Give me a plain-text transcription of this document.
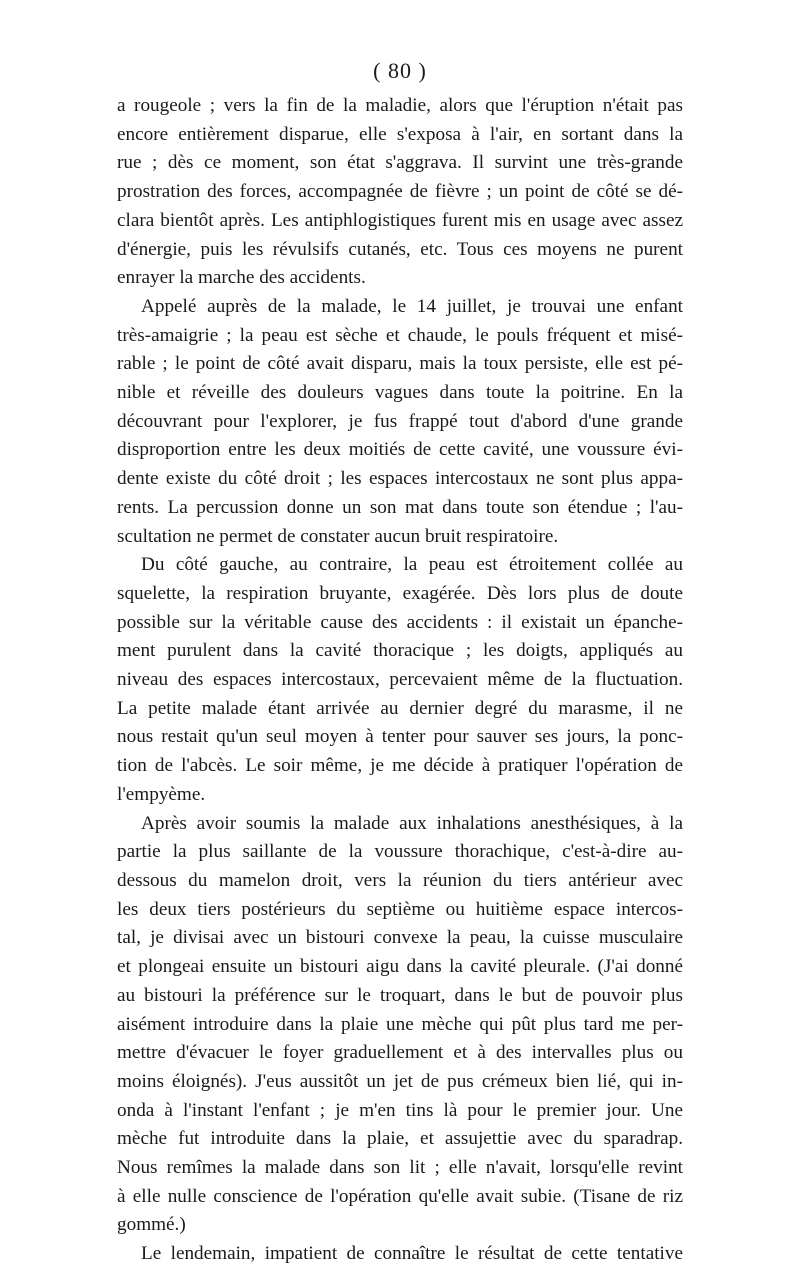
( 80 )
a rougeole ; vers la fin de la maladie, alors que l'éruption n'était pas
encore entièrement disparue, elle s'exposa à l'air, en sortant dans la
rue ; dès ce moment, son état s'aggrava. Il survint une très-grande
prostration des forces, accompagnée de fièvre ; un point de côté se dé-
clara bientôt après. Les antiphlogistiques furent mis en usage avec assez
d'énergie, puis les révulsifs cutanés, etc. Tous ces moyens ne purent
enrayer la marche des accidents.
Appelé auprès de la malade, le 14 juillet, je trouvai une enfant
très-amaigrie ; la peau est sèche et chaude, le pouls fréquent et misé-
rable ; le point de côté avait disparu, mais la toux persiste, elle est pé-
nible et réveille des douleurs vagues dans toute la poitrine. En la
découvrant pour l'explorer, je fus frappé tout d'abord d'une grande
disproportion entre les deux moitiés de cette cavité, une voussure évi-
dente existe du côté droit ; les espaces intercostaux ne sont plus appa-
rents. La percussion donne un son mat dans toute son étendue ; l'au-
scultation ne permet de constater aucun bruit respiratoire.
Du côté gauche, au contraire, la peau est étroitement collée au
squelette, la respiration bruyante, exagérée. Dès lors plus de doute
possible sur la véritable cause des accidents : il existait un épanche-
ment purulent dans la cavité thoracique ; les doigts, appliqués au
niveau des espaces intercostaux, percevaient même de la fluctuation.
La petite malade étant arrivée au dernier degré du marasme, il ne
nous restait qu'un seul moyen à tenter pour sauver ses jours, la ponc-
tion de l'abcès. Le soir même, je me décide à pratiquer l'opération de
l'empyème.
Après avoir soumis la malade aux inhalations anesthésiques, à la
partie la plus saillante de la voussure thorachique, c'est-à-dire au-
dessous du mamelon droit, vers la réunion du tiers antérieur avec
les deux tiers postérieurs du septième ou huitième espace intercos-
tal, je divisai avec un bistouri convexe la peau, la cuisse musculaire
et plongeai ensuite un bistouri aigu dans la cavité pleurale. (J'ai donné
au bistouri la préférence sur le troquart, dans le but de pouvoir plus
aisément introduire dans la plaie une mèche qui pût plus tard me per-
mettre d'évacuer le foyer graduellement et à des intervalles plus ou
moins éloignés). J'eus aussitôt un jet de pus crémeux bien lié, qui in-
onda à l'instant l'enfant ; je m'en tins là pour le premier jour. Une
mèche fut introduite dans la plaie, et assujettie avec du sparadrap.
Nous remîmes la malade dans son lit ; elle n'avait, lorsqu'elle revint
à elle nulle conscience de l'opération qu'elle avait subie. (Tisane de riz
gommé.)
Le lendemain, impatient de connaître le résultat de cette tentative
